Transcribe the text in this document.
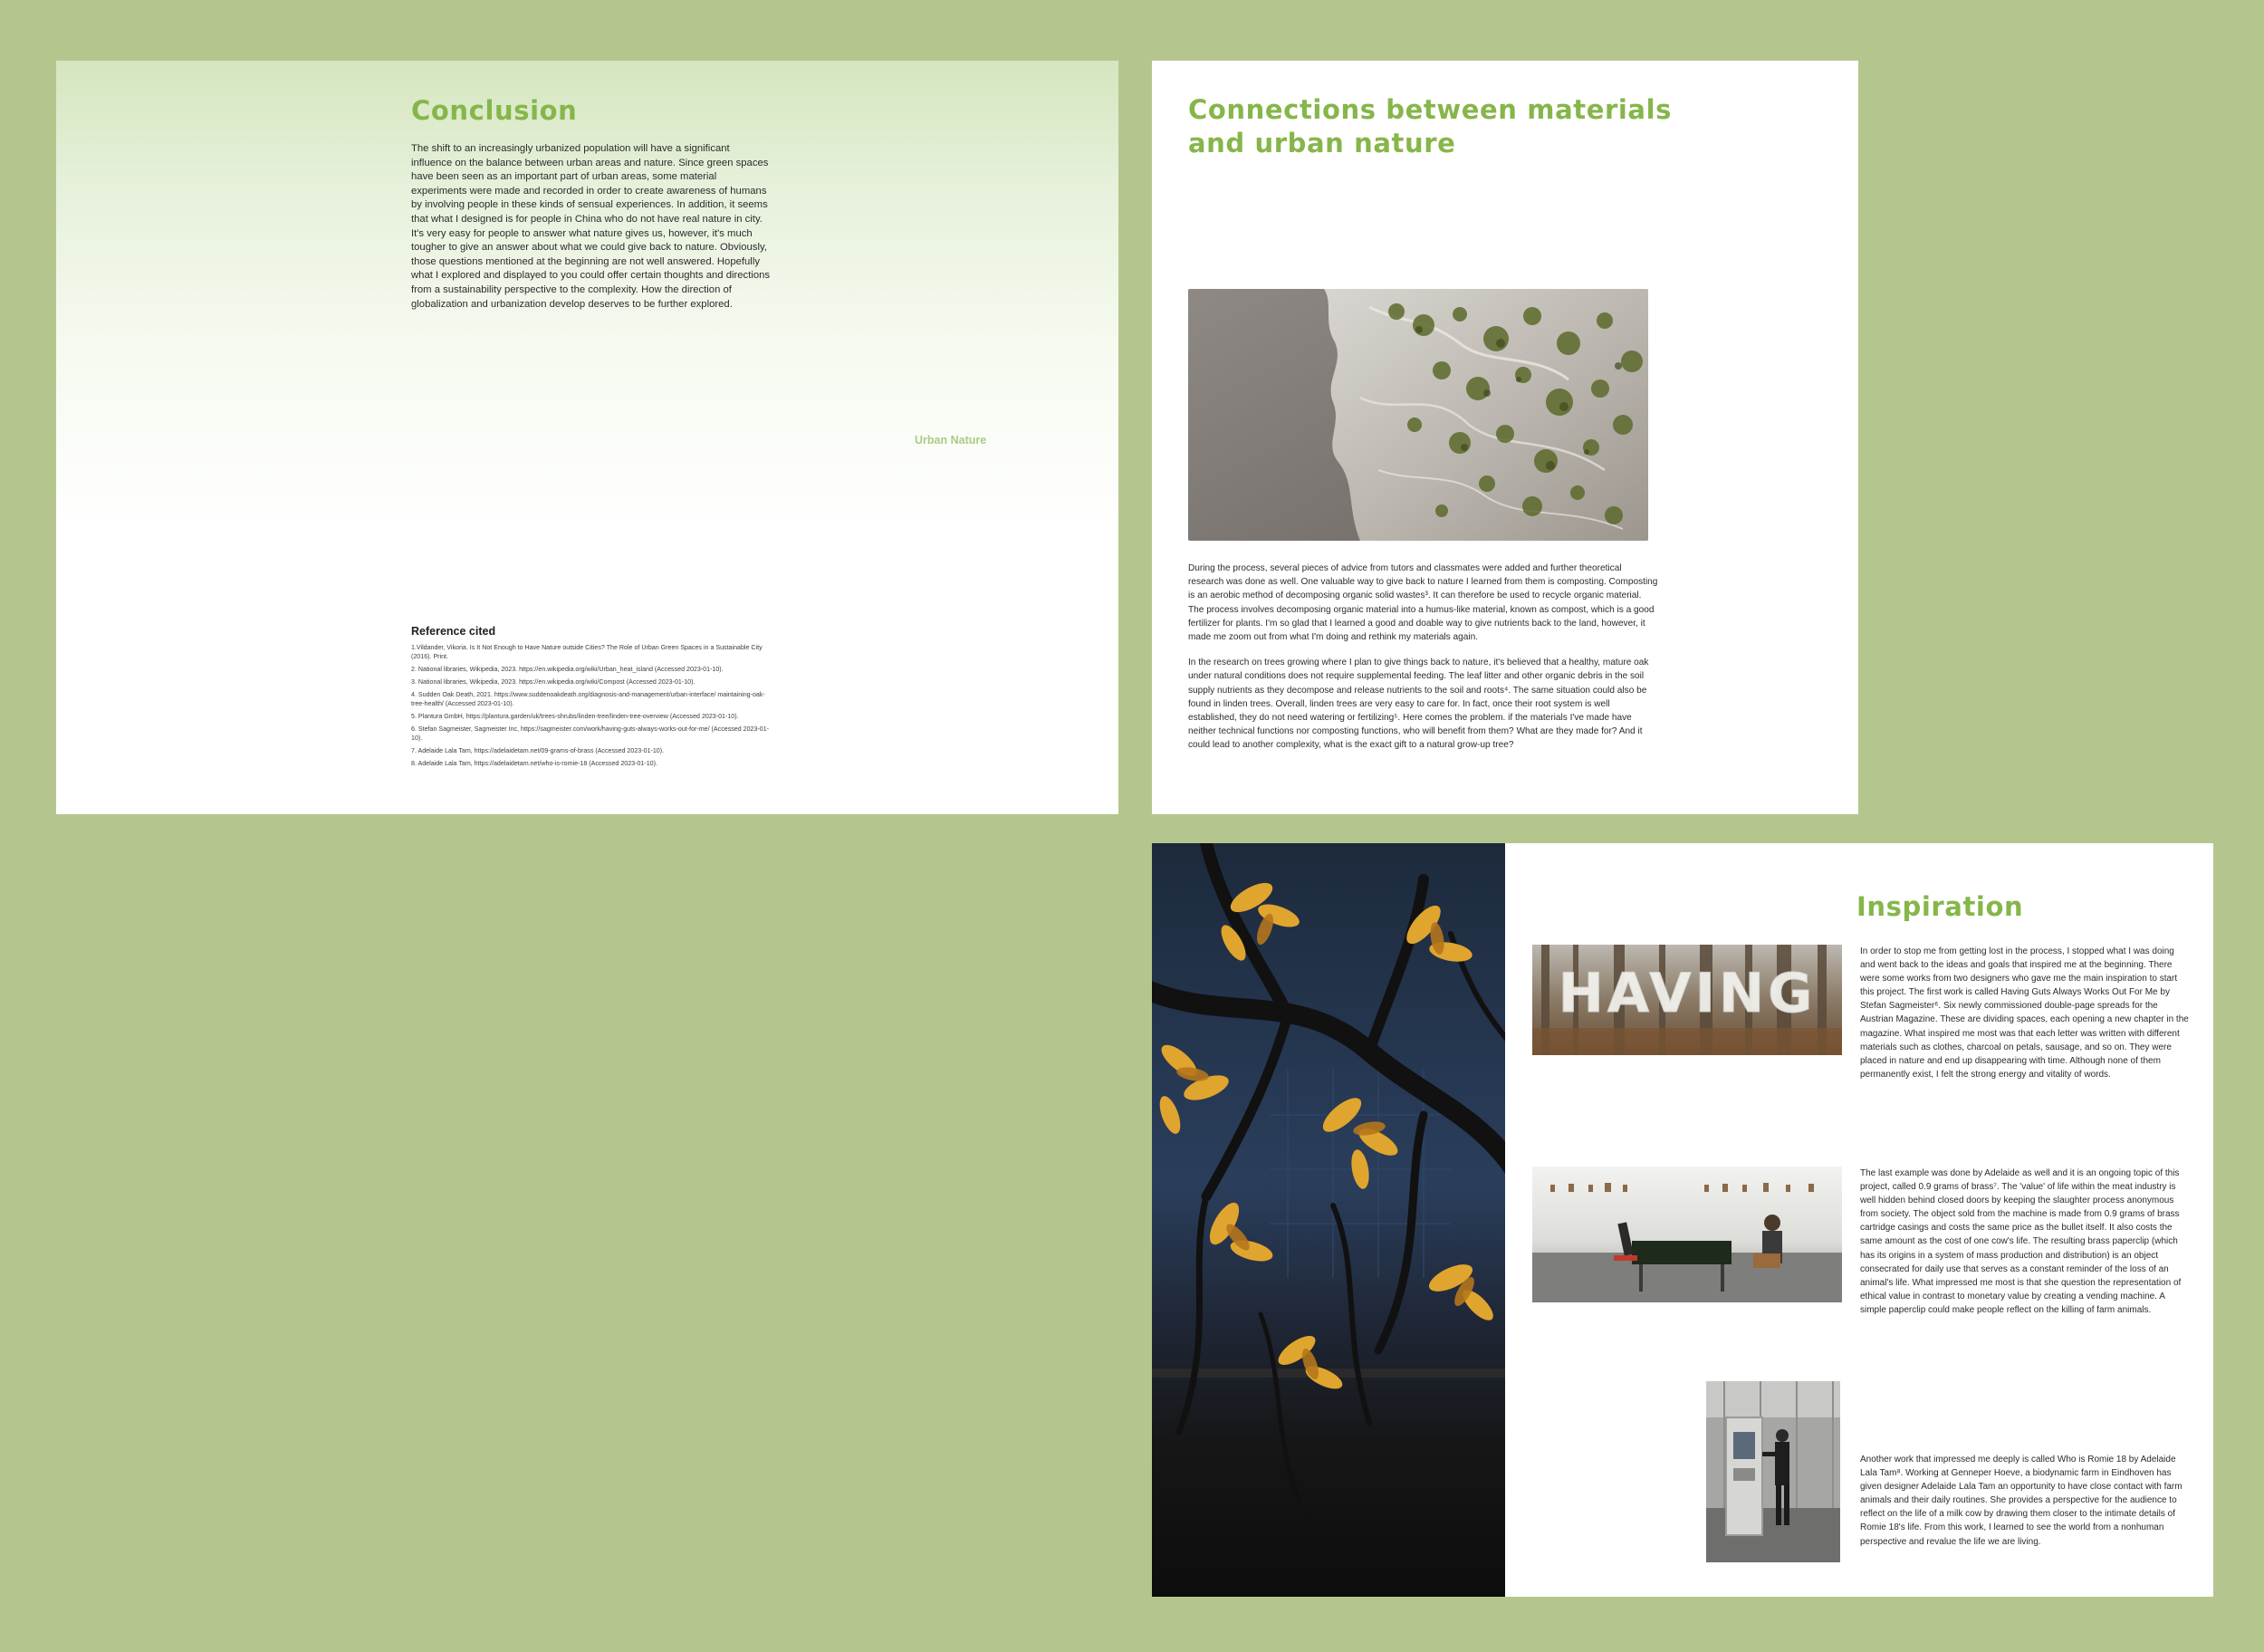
Conclusion

The shift to an increasingly urbanized population will have a significant influence on the balance between urban areas and nature. Since green spaces have been seen as an important part of urban areas, some material experiments were made and recorded in order to create awareness of humans by involving people in these kinds of sensual experiences. In addition, it seems that what I designed is for people in China who do not have real nature in city. It's very easy for people to answer what nature gives us, however, it's much tougher to give an answer about what we could give back to nature. Obviously, those questions mentioned at the beginning are not well answered. Hopefully what I explored and displayed to you could offer certain thoughts and directions from a sustainability perspective to the complexity. How the direction of globalization and urbanization develop deserves to be further explored.

Urban Nature
Reference cited
1.Vildander, Vikoria. Is It Not Enough to Have Nature outside Cities? The Role of Urban Green Spaces in a Sustainable City (2016). Print.
2. National libraries, Wikipedia, 2023. https://en.wikipedia.org/wiki/Urban_heat_island (Accessed 2023-01-10).
3. National libraries, Wikipedia, 2023. https://en.wikipedia.org/wiki/Compost (Accessed 2023-01-10).
4. Sudden Oak Death, 2021. https://www.suddenoakdeath.org/diagnosis-and-management/urban-interface/ maintaining-oak-tree-health/ (Accessed 2023-01-10).
5. Plantura GmbH, https://plantura.garden/uk/trees-shrubs/linden-tree/linden-tree-overview (Accessed 2023-01-10).
6. Stefan Sagmeister, Sagmeister Inc, https://sagmeister.com/work/having-guts-always-works-out-for-me/ (Accessed 2023-01-10).
7. Adelaide Lala Tam, https://adelaidetam.net/09-grams-of-brass (Accessed 2023-01-10).
8. Adelaide Lala Tam, https://adelaidetam.net/who-is-romie-18 (Accessed 2023-01-10).
Connections between materials and urban nature

During the process, several pieces of advice from tutors and classmates were added and further theoretical research was done as well. One valuable way to give back to nature I learned from them is composting. Composting is an aerobic method of decomposing organic solid wastes³. It can therefore be used to recycle organic material. The process involves decomposing organic material into a humus-like material, known as compost, which is a good fertilizer for plants. I'm so glad that I learned a good and doable way to give nutrients back to the land, however, it made me zoom out from what I'm doing and rethink my materials again.

In the research on trees growing where I plan to give things back to nature, it's believed that a healthy, mature oak under natural conditions does not require supplemental feeding. The leaf litter and other organic debris in the soil supply nutrients as they decompose and release nutrients to the soil and roots⁴. The same situation could also be found in linden trees. Overall, linden trees are very easy to care for. In fact, once their root system is well established, they do not need watering or fertilizing⁵. Here comes the problem. if the materials I've made have neither technical functions nor composting functions, who will benefit from them? What are they made for? And it could lead to another complexity, what is the exact gift to a natural grow-up tree?

Inspiration
HAVING

In order to stop me from getting lost in the process, I stopped what I was doing and went back to the ideas and goals that inspired me at the beginning. There were some works from two designers who gave me the main inspiration to start this project. The first work is called Having Guts Always Works Out For Me by Stefan Sagmeister⁶. Six newly commissioned double-page spreads for the Austrian Magazine. These are dividing spaces, each opening a new chapter in the magazine. What inspired me most was that each letter was written with different materials such as clothes, charcoal on petals, sausage, and so on. They were placed in nature and end up disappearing with time. Although none of them permanently exist, I felt the strong energy and vitality of words.

The last example was done by Adelaide as well and it is an ongoing topic of this project, called 0.9 grams of brass⁷. The 'value' of life within the meat industry is well hidden behind closed doors by keeping the slaughter process anonymous from society. The object sold from the machine is made from 0.9 grams of brass cartridge casings and costs the same price as the bullet itself. It also costs the same amount as the cost of one cow's life. The resulting brass paperclip (which has its origins in a system of mass production and distribution) is an object consecrated for daily use that serves as a constant reminder of the loss of an animal's life. What impressed me most is that she question the representation of ethical value in contrast to monetary value by creating a vending machine. A simple paperclip could make people reflect on the killing of farm animals.

Another work that impressed me deeply is called Who is Romie 18 by Adelaide Lala Tam⁸. Working at Genneper Hoeve, a biodynamic farm in Eindhoven has given designer Adelaide Lala Tam an opportunity to have close contact with farm animals and their daily routines. She provides a perspective for the audience to reflect on the life of a milk cow by drawing them closer to the intimate details of Romie 18's life. From this work, I learned to see the world from a nonhuman perspective and revalue the life we are living.
